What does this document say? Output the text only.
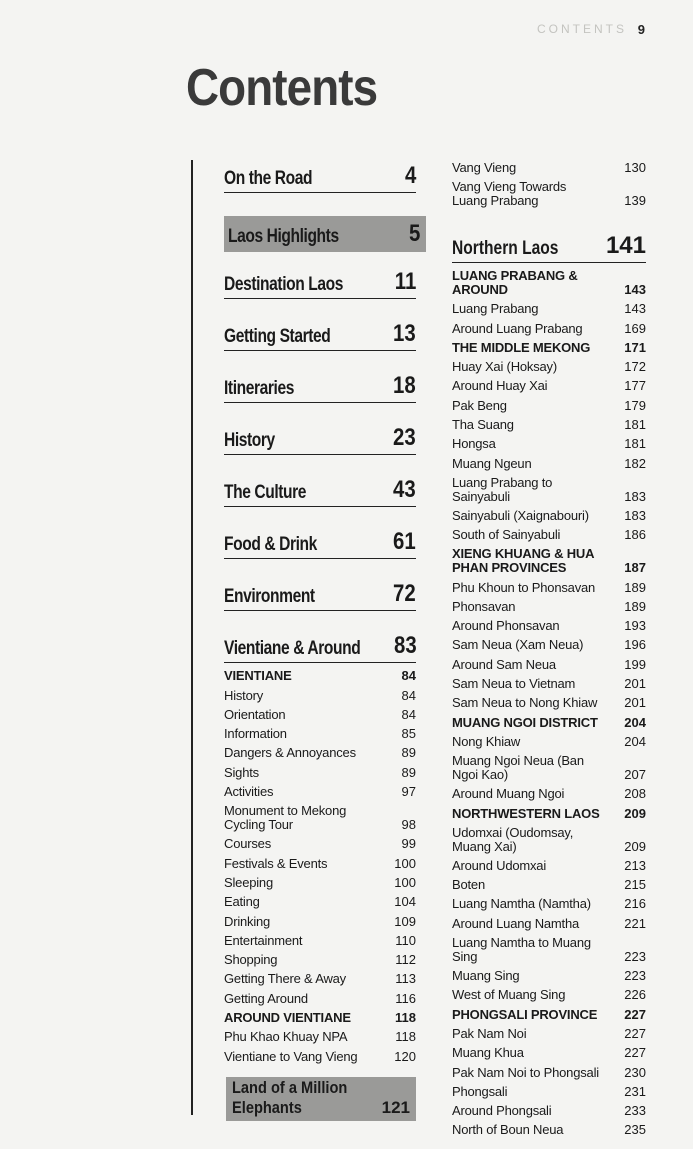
CONTENTS 9
Contents
On the Road	4
Laos Highlights	5
Destination Laos 11
Getting Started	13
Itineraries	18
History	23
The Culture	43
Food & Drink	61
Environment	72
Vientiane & Around 83
VIENTIANE	84
History	84
Orientation	84
Information	85
Dangers & Annoyances	89
Sights	89
Activities	97
Monument to Mekong Cycling Tour	98
Courses	99
Festivals & Events	100
Sleeping	100
Eating	104
Drinking	109
Entertainment	110
Shopping	112
Getting There & Away	113
Getting Around	116
AROUND VIENTIANE	118
Phu Khao Khuay NPA	118
Vientiane to Vang Vieng	120
Land of a Million
Elephants	121
Vang Vieng	130
Vang Vieng Towards Luang Prabang	139
Northern Laos 141
LUANG PRABANG & AROUND	143
Luang Prabang	143
Around Luang Prabang	169
THE MIDDLE MEKONG	171
Huay Xai (Hoksay)	172
Around Huay Xai	177
Pak Beng	179
Tha Suang	181
Hongsa	181
Muang Ngeun	182
Luang Prabang to Sainyabuli	183
Sainyabuli (Xaignabouri)	183
South of Sainyabuli	186
XIENG KHUANG & HUA PHAN PROVINCES	187
Phu Khoun to Phonsavan	189
Phonsavan	189
Around Phonsavan	193
Sam Neua (Xam Neua)	196
Around Sam Neua	199
Sam Neua to Vietnam	201
Sam Neua to Nong Khiaw	201
MUANG NGOI DISTRICT	204
Nong Khiaw	204
Muang Ngoi Neua (Ban Ngoi Kao)	207
Around Muang Ngoi	208
NORTHWESTERN LAOS	209
Udomxai (Oudomsay, Muang Xai)	209
Around Udomxai	213
Boten	215
Luang Namtha (Namtha)	216
Around Luang Namtha	221
Luang Namtha to Muang Sing	223
Muang Sing	223
West of Muang Sing	226
PHONGSALI PROVINCE	227
Pak Nam Noi	227
Muang Khua	227
Pak Nam Noi to Phongsali	230
Phongsali	231
Around Phongsali	233
North of Boun Neua	235
